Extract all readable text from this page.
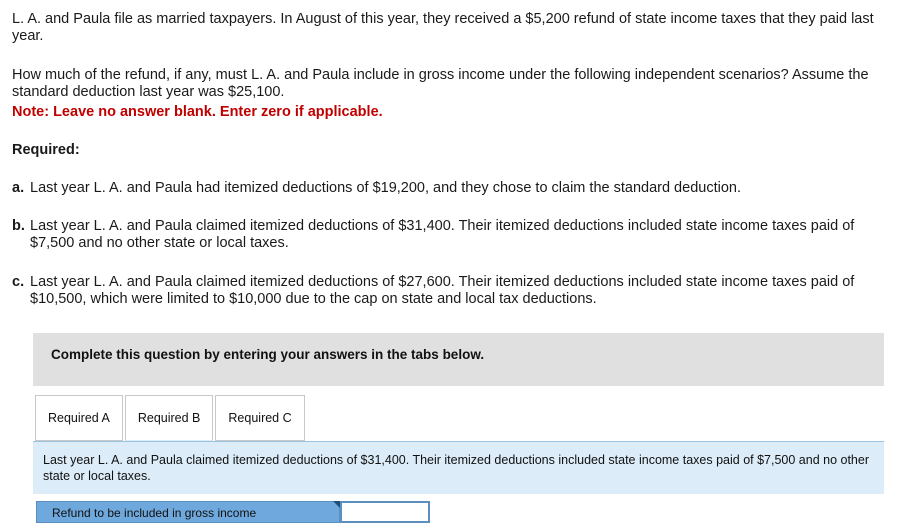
L. A. and Paula file as married taxpayers. In August of this year, they received a $5,200 refund of state income taxes that they paid last year.

How much of the refund, if any, must L. A. and Paula include in gross income under the following independent scenarios? Assume the standard deduction last year was $25,100.

Note: Leave no answer blank. Enter zero if applicable.

Required:

a. Last year L. A. and Paula had itemized deductions of $19,200, and they chose to claim the standard deduction.
b. Last year L. A. and Paula claimed itemized deductions of $31,400. Their itemized deductions included state income taxes paid of $7,500 and no other state or local taxes.
c. Last year L. A. and Paula claimed itemized deductions of $27,600. Their itemized deductions included state income taxes paid of $10,500, which were limited to $10,000 due to the cap on state and local tax deductions.
Complete this question by entering your answers in the tabs below.
Required A	Required B	Required C
Last year L. A. and Paula claimed itemized deductions of $31,400. Their itemized deductions included state income taxes paid of $7,500 and no other state or local taxes.
Refund to be included in gross income
